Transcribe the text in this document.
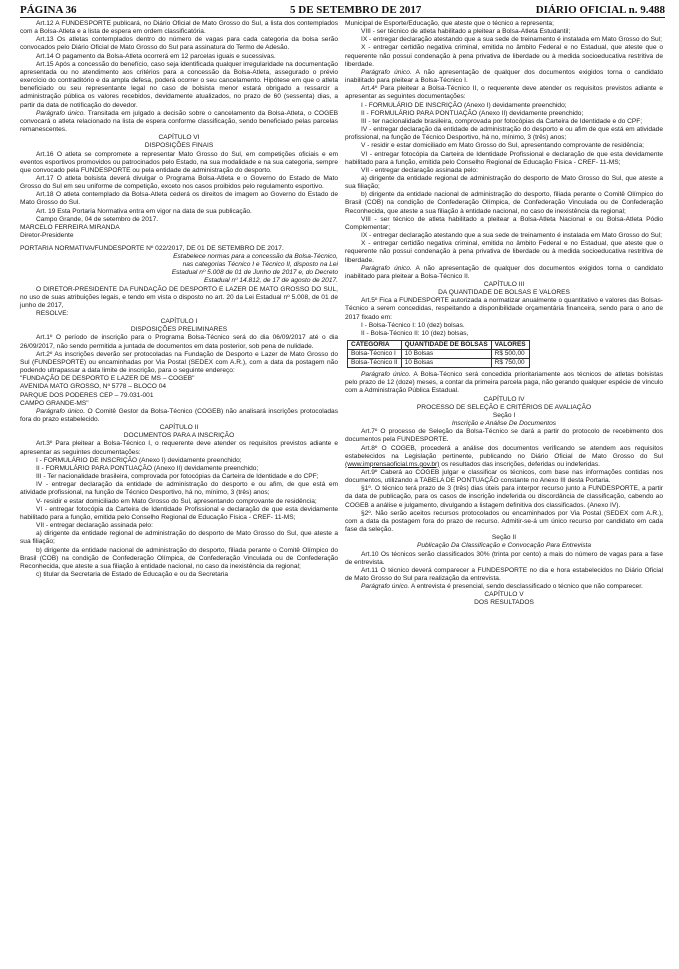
PÁGINA 36	5 DE SETEMBRO DE 2017	DIÁRIO OFICIAL n. 9.488

Art.12 A FUNDESPORTE publicará, no Diário Oficial de Mato Grosso do Sul, a lista dos contemplados com a Bolsa-Atleta e a lista de espera em ordem classificatória.

Art.13 Os atletas contemplados dentro do número de vagas para cada categoria da bolsa serão convocados pelo Diário Oficial de Mato Grosso do Sul para assinatura do Termo de Adesão.

Art.14 O pagamento da Bolsa-Atleta ocorrerá em 12 parcelas iguais e sucessivas.

Art.15 Após a concessão do benefício, caso seja identificada qualquer irregularidade na documentação apresentada ou no atendimento aos critérios para a concessão da Bolsa-Atleta, assegurado o prévio exercício do contraditório e da ampla defesa, poderá ocorrer o seu cancelamento. Hipótese em que o atleta beneficiado ou seu representante legal no caso de bolsista menor estará obrigado a ressarcir a administração pública os valores recebidos, devidamente atualizados, no prazo de 60 (sessenta) dias, a partir da data de notificação do devedor.

Parágrafo único. Transitada em julgado a decisão sobre o cancelamento da Bolsa-Atleta, o COGEB convocará o atleta relacionado na lista de espera conforme classificação, sendo beneficiado pelas parcelas remanescentes.

CAPÍTULO VI

DISPOSIÇÕES FINAIS

Art.16 O atleta se compromete a representar Mato Grosso do Sul, em competições oficiais e em eventos esportivos promovidos ou patrocinados pelo Estado, na sua modalidade e na sua categoria, sempre que convocado pela FUNDESPORTE ou pela entidade de administração do desporto.

Art.17 O atleta bolsista deverá divulgar o Programa Bolsa-Atleta e o Governo do Estado de Mato Grosso do Sul em seu uniforme de competição, exceto nos casos proibidos pelo regulamento esportivo.

Art.18 O atleta contemplado da Bolsa-Atleta cederá os direitos de imagem ao Governo do Estado de Mato Grosso do Sul.

Art. 19 Esta Portaria Normativa entra em vigor na data de sua publicação.

Campo Grande, 04 de setembro de 2017.

MARCELO FERREIRA MIRANDA

Diretor-Presidente

PORTARIA NORMATIVA/FUNDESPORTE Nº 022/2017, DE 01 DE SETEMBRO DE 2017.

Estabelece normas para a concessão da Bolsa-Técnico, nas categorias Técnico I e Técnico II, disposto na Lei Estadual nº 5.008 de 01 de Junho de 2017 e, do Decreto Estadual nº 14.812, de 17 de agosto de 2017.

O DIRETOR-PRESIDENTE DA FUNDAÇÃO DE DESPORTO E LAZER DE MATO GROSSO DO SUL, no uso de suas atribuições legais, e tendo em vista o disposto no art. 20 da Lei Estadual nº 5.008, de 01 de junho de 2017,

RESOLVE:

CAPÍTULO I

DISPOSIÇÕES PRELIMINARES

Art.1º O período de inscrição para o Programa Bolsa-Técnico será do dia 06/09/2017 até o dia 26/09/2017, não sendo permitida a juntada de documentos em data posterior, sob pena de nulidade.

Art.2º As inscrições deverão ser protocoladas na Fundação de Desporto e Lazer de Mato Grosso do Sul (FUNDESPORTE) ou encaminhadas por Via Postal (SEDEX com A.R.), com a data da postagem não podendo ultrapassar a data limite de inscrição, para o seguinte endereço:

"FUNDAÇÃO DE DESPORTO E LAZER DE MS – COGEB"

AVENIDA MATO GROSSO, Nº 5778 – BLOCO 04

PARQUE DOS PODERES CEP – 79.031-001

CAMPO GRANDE-MS"

Parágrafo único. O Comitê Gestor da Bolsa-Técnico (COGEB) não analisará inscrições protocoladas fora do prazo estabelecido.

CAPÍTULO II

DOCUMENTOS PARA A INSCRIÇÃO

Art.3º Para pleitear a Bolsa-Técnico I, o requerente deve atender os requisitos previstos adiante e apresentar as seguintes documentações:

I - FORMULÁRIO DE INSCRIÇÃO (Anexo I) devidamente preenchido;

II - FORMULÁRIO PARA PONTUAÇÃO (Anexo II) devidamente preenchido;

III - Ter nacionalidade brasileira, comprovada por fotocópias da Carteira de Identidade e do CPF;

IV - entregar declaração da entidade de administração do desporto e ou afim, de que está em atividade profissional, na função de Técnico Desportivo, há no, mínimo, 3 (três) anos;

V- residir e estar domiciliado em Mato Grosso do Sul, apresentando comprovante de residência;

VI - entregar fotocópia da Carteira de Identidade Profissional e declaração de que esta devidamente habilitado para a função, emitida pelo Conselho Regional de Educação Física - CREF- 11-MS;

VII - entregar declaração assinada pelo:

a) dirigente da entidade regional de administração do desporto de Mato Grosso do Sul, que ateste a sua filiação;

b) dirigente da entidade nacional de administração do desporto, filiada perante o Comitê Olímpico do Brasil (COB) na condição de Confederação Olímpica, de Confederação Vinculada ou de Confederação Reconhecida, que ateste a sua filiação à entidade nacional, no caso da inexistência da regional;

c) titular da Secretaria de Estado de Educação e ou da Secretaria

Municipal de Esporte/Educação, que ateste que o técnico a representa;

VIII - ser técnico de atleta habilitado a pleitear a Bolsa-Atleta Estudantil;

IX - entregar declaração atestando que a sua sede de treinamento é instalada em Mato Grosso do Sul;

X - entregar certidão negativa criminal, emitida no âmbito Federal e no Estadual, que ateste que o requerente não possui condenação à pena privativa de liberdade ou à medida socioeducativa restritiva de liberdade.

Parágrafo único. A não apresentação de qualquer dos documentos exigidos torna o candidato inabilitado para pleitear a Bolsa-Técnico I.

Art.4º Para pleitear a Bolsa-Técnico II, o requerente deve atender os requisitos previstos adiante e apresentar as seguintes documentações:

I - FORMULÁRIO DE INSCRIÇÃO (Anexo I) devidamente preenchido;

II - FORMULÁRIO PARA PONTUAÇÃO (Anexo II) devidamente preenchido;

III - ter nacionalidade brasileira, comprovada por fotocópias da Carteira de Identidade e do CPF;

IV - entregar declaração da entidade de administração do desporto e ou afim de que está em atividade profissional, na função de Técnico Desportivo, há no, mínimo, 3 (três) anos;

V - residir e estar domiciliado em Mato Grosso do Sul, apresentando comprovante de residência;

VI - entregar fotocópia da Carteira de Identidade Profissional e declaração de que esta devidamente habilitado para a função, emitida pelo Conselho Regional de Educação Física - CREF- 11-MS;

VII - entregar declaração assinada pelo:

a) dirigente da entidade regional de administração do desporto de Mato Grosso do Sul, que ateste a sua filiação;

b) dirigente da entidade nacional de administração do desporto, filiada perante o Comitê Olímpico do Brasil (COB) na condição de Confederação Olímpica, de Confederação Vinculada ou de Confederação Reconhecida, que ateste a sua filiação à entidade nacional, no caso de inexistência da regional;

VIII - ser técnico de atleta habilitado a pleitear a Bolsa-Atleta Nacional e ou Bolsa-Atleta Pódio Complementar;

IX - entregar declaração atestando que a sua sede de treinamento é instalada em Mato Grosso do Sul;

X - entregar certidão negativa criminal, emitida no âmbito Federal e no Estadual, que ateste que o requerente não possui condenação à pena privativa de liberdade ou à medida socioeducativa restritiva de liberdade.

Parágrafo único. A não apresentação de qualquer dos documentos exigidos torna o candidato inabilitado para pleitear a Bolsa-Técnico II.

CAPÍTULO III

DA QUANTIDADE DE BOLSAS E VALORES

Art.5º Fica a FUNDESPORTE autorizada a normatizar anualmente o quantitativo e valores das Bolsas-Técnico a serem concedidas, respeitando a disponibilidade orçamentária financeira, sendo para o ano de 2017 fixado em:

I - Bolsa-Técnico I: 10 (dez) bolsas.

II - Bolsa-Técnico II: 10 (dez) bolsas,

CATEGORIA	QUANTIDADE DE BOLSAS	VALORES
Bolsa-Técnico I	10 Bolsas	R$ 500,00
Bolsa-Técnico II	10 Bolsas	R$ 750,00

Parágrafo único. A Bolsa-Técnico será concedida prioritariamente aos técnicos de atletas bolsistas pelo prazo de 12 (doze) meses, a contar da primeira parcela paga, não gerando qualquer espécie de vínculo com a Administração Pública Estadual.

CAPÍTULO IV

PROCESSO DE SELEÇÃO E CRITÉRIOS DE AVALIAÇÃO

Seção I

Inscrição e Análise De Documentos

Art.7º O processo de Seleção da Bolsa-Técnico se dará a partir do protocolo de recebimento dos documentos pela FUNDESPORTE.

Art.8º O COGEB, procederá a análise dos documentos verificando se atendem aos requisitos estabelecidos na Legislação pertinente, publicando no Diário Oficial de Mato Grosso do Sul (www.imprensaoficial.ms.gov.br) os resultados das inscrições, deferidas ou indeferidas.

Art.9º Caberá ao COGEB julgar e classificar os técnicos, com base nas informações contidas nos documentos, utilizando a TABELA DE PONTUAÇÃO constante no Anexo III desta Portaria.

§1º. O técnico terá prazo de 3 (três) dias úteis para interpor recurso junto a FUNDESPORTE, a partir da data de publicação, para os casos de inscrição indeferida ou discordância de classificação, cabendo ao COGEB a análise e julgamento, divulgando a listagem definitiva dos classificados. (Anexo IV).

§2º. Não serão aceitos recursos protocolados ou encaminhados por Via Postal (SEDEX com A.R.), com a data da postagem fora do prazo de recurso. Admitir-se-á um único recurso por candidato em cada fase da seleção.

Seção II

Publicação Da Classificação e Convocação Para Entrevista

Art.10 Os técnicos serão classificados 30% (trinta por cento) a mais do número de vagas para a fase de entrevista.

Art.11 O técnico deverá comparecer a FUNDESPORTE no dia e hora estabelecidos no Diário Oficial de Mato Grosso do Sul para realização da entrevista.

Parágrafo único. A entrevista é presencial, sendo desclassificado o técnico que não comparecer.

CAPÍTULO V

DOS RESULTADOS
